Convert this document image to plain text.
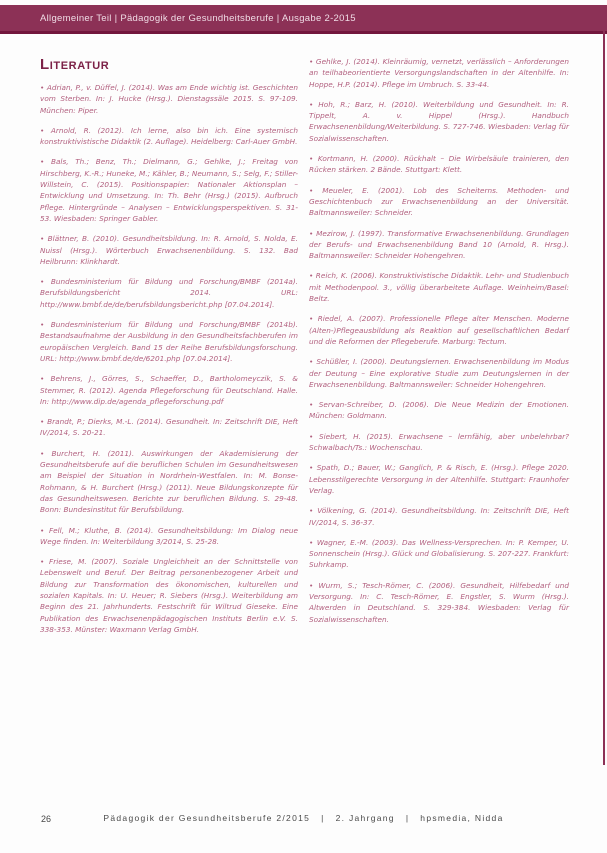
Allgemeiner Teil | Pädagogik der Gesundheitsberufe | Ausgabe 2-2015
Literatur

• Adrian, P., v. Düffel, J. (2014). Was am Ende wichtig ist. Geschichten vom Sterben. In: J. Hucke (Hrsg.). Dienstagssäle 2015. S. 97-109. München: Piper.

• Arnold, R. (2012). Ich lerne, also bin ich. Eine systemisch konstruktivistische Didaktik (2. Auflage). Heidelberg: Carl-Auer GmbH.

• Bals, Th.; Benz, Th.; Dielmann, G.; Gehlke, J.; Freitag von Hirschberg, K.-R.; Huneke, M.; Kähler, B.; Neumann, S.; Selg, F.; Stiller-Willstein, C. (2015). Positionspapier: Nationaler Aktionsplan – Entwicklung und Umsetzung. In: Th. Behr (Hrsg.) (2015). Aufbruch Pflege. Hintergründe – Analysen – Entwicklungsperspektiven. S. 31-53. Wiesbaden: Springer Gabler.

• Blättner, B. (2010). Gesundheitsbildung. In: R. Arnold, S. Nolda, E. Nuissl (Hrsg.). Wörterbuch Erwachsenenbildung. S. 132. Bad Heilbrunn: Klinkhardt.

• Bundesministerium für Bildung und Forschung/BMBF (2014a). Berufsbildungsbericht 2014. URL: http://www.bmbf.de/de/berufsbildungsbericht.php [07.04.2014].

• Bundesministerium für Bildung und Forschung/BMBF (2014b). Bestandsaufnahme der Ausbildung in den Gesundheitsfachberufen im europäischen Vergleich. Band 15 der Reihe Berufsbildungsforschung. URL: http://www.bmbf.de/de/6201.php [07.04.2014].

• Behrens, J., Görres, S., Schaeffer, D., Bartholomeyczik, S. & Stemmer, R. (2012). Agenda Pflegeforschung für Deutschland. Halle. In: http://www.dip.de/agenda_pflegeforschung.pdf

• Brandt, P.; Dierks, M.-L. (2014). Gesundheit. In: Zeitschrift DIE, Heft IV/2014, S. 20-21.

• Burchert, H. (2011). Auswirkungen der Akademisierung der Gesundheitsberufe auf die beruflichen Schulen im Gesundheitswesen am Beispiel der Situation in Nordrhein-Westfalen. In: M. Bonse-Rohmann, & H. Burchert (Hrsg.) (2011). Neue Bildungskonzepte für das Gesundheitswesen. Berichte zur beruflichen Bildung. S. 29-48. Bonn: Bundesinstitut für Berufsbildung.

• Fell, M.; Kluthe, B. (2014). Gesundheitsbildung: Im Dialog neue Wege finden. In: Weiterbildung 3/2014, S. 25-28.

• Friese, M. (2007). Soziale Ungleichheit an der Schnittstelle von Lebenswelt und Beruf. Der Beitrag personenbezogener Arbeit und Bildung zur Transformation des ökonomischen, kulturellen und sozialen Kapitals. In: U. Heuer; R. Siebers (Hrsg.). Weiterbildung am Beginn des 21. Jahrhunderts. Festschrift für Wiltrud Gieseke. Eine Publikation des Erwachsenenpädagogischen Instituts Berlin e.V. S. 338-353. Münster: Waxmann Verlag GmbH.

• Gehlke, J. (2014). Kleinräumig, vernetzt, verlässlich – Anforderungen an teilhabeorientierte Versorgungslandschaften in der Altenhilfe. In: Hoppe, H.P. (2014). Pflege im Umbruch. S. 33-44.

• Hoh, R.; Barz, H. (2010). Weiterbildung und Gesundheit. In: R. Tippelt, A. v. Hippel (Hrsg.). Handbuch Erwachsenenbildung/Weiterbildung. S. 727-746. Wiesbaden: Verlag für Sozialwissenschaften.

• Kortmann, H. (2000). Rückhalt – Die Wirbelsäule trainieren, den Rücken stärken. 2 Bände. Stuttgart: Klett.

• Meueler, E. (2001). Lob des Scheiterns. Methoden- und Geschichtenbuch zur Erwachsenenbildung an der Universität. Baltmannsweiler: Schneider.

• Mezirow, J. (1997). Transformative Erwachsenenbildung. Grundlagen der Berufs- und Erwachsenenbildung Band 10 (Arnold, R. Hrsg.). Baltmannsweiler: Schneider Hohengehren.

• Reich, K. (2006). Konstruktivistische Didaktik. Lehr- und Studienbuch mit Methodenpool. 3., völlig überarbeitete Auflage. Weinheim/Basel: Beltz.

• Riedel, A. (2007). Professionelle Pflege alter Menschen. Moderne (Alten-)Pflegeausbildung als Reaktion auf gesellschaftlichen Bedarf und die Reformen der Pflegeberufe. Marburg: Tectum.

• Schüßler, I. (2000). Deutungslernen. Erwachsenenbildung im Modus der Deutung – Eine explorative Studie zum Deutungslernen in der Erwachsenenbildung. Baltmannsweiler: Schneider Hohengehren.

• Servan-Schreiber, D. (2006). Die Neue Medizin der Emotionen. München: Goldmann.

• Siebert, H. (2015). Erwachsene – lernfähig, aber unbelehrbar? Schwalbach/Ts.: Wochenschau.

• Spath, D.; Bauer, W.; Ganglich, P. & Risch, E. (Hrsg.). Pflege 2020. Lebensstilgerechte Versorgung in der Altenhilfe. Stuttgart: Fraunhofer Verlag.

• Völkening, G. (2014). Gesundheitsbildung. In: Zeitschrift DIE, Heft IV/2014, S. 36-37.

• Wagner, E.-M. (2003). Das Wellness-Versprechen. In: P. Kemper, U. Sonnenschein (Hrsg.). Glück und Globalisierung. S. 207-227. Frankfurt: Suhrkamp.

• Wurm, S.; Tesch-Römer, C. (2006). Gesundheit, Hilfebedarf und Versorgung. In: C. Tesch-Römer, E. Engstler, S. Wurm (Hrsg.). Altwerden in Deutschland. S. 329-384. Wiesbaden: Verlag für Sozialwissenschaften.

26	Pädagogik der Gesundheitsberufe 2/2015   |   2. Jahrgang   |   hpsmedia, Nidda
